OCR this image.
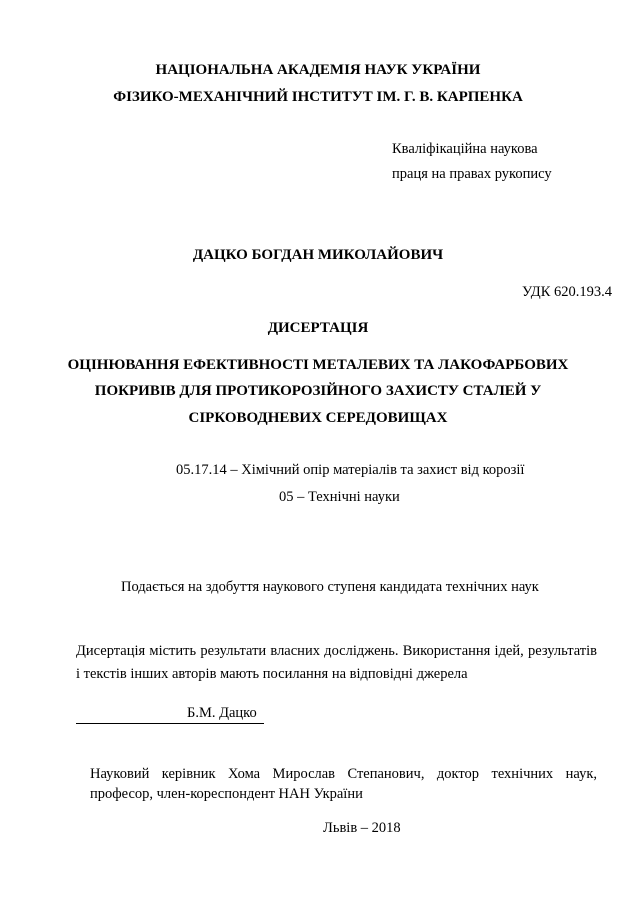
НАЦІОНАЛЬНА АКАДЕМІЯ НАУК УКРАЇНИ
ФІЗИКО-МЕХАНІЧНИЙ ІНСТИТУТ ІМ. Г. В. КАРПЕНКА
Кваліфікаційна наукова
праця на правах рукопису
ДАЦКО БОГДАН МИКОЛАЙОВИЧ
УДК 620.193.4
ДИСЕРТАЦІЯ
ОЦІНЮВАННЯ ЕФЕКТИВНОСТІ МЕТАЛЕВИХ ТА ЛАКОФАРБОВИХ
ПОКРИВІВ ДЛЯ ПРОТИКОРОЗІЙНОГО ЗАХИСТУ СТАЛЕЙ У
СІРКОВОДНЕВИХ СЕРЕДОВИЩАХ
05.17.14 – Хімічний опір матеріалів та захист від корозії
05 – Технічні науки
Подається на здобуття наукового ступеня кандидата технічних наук
Дисертація містить результати власних досліджень. Використання ідей, результатів і текстів інших авторів мають посилання на відповідні джерела
Б.М. Дацко
Науковий керівник Хома Мирослав Степанович, доктор технічних наук, професор, член-кореспондент НАН України
Львів – 2018
